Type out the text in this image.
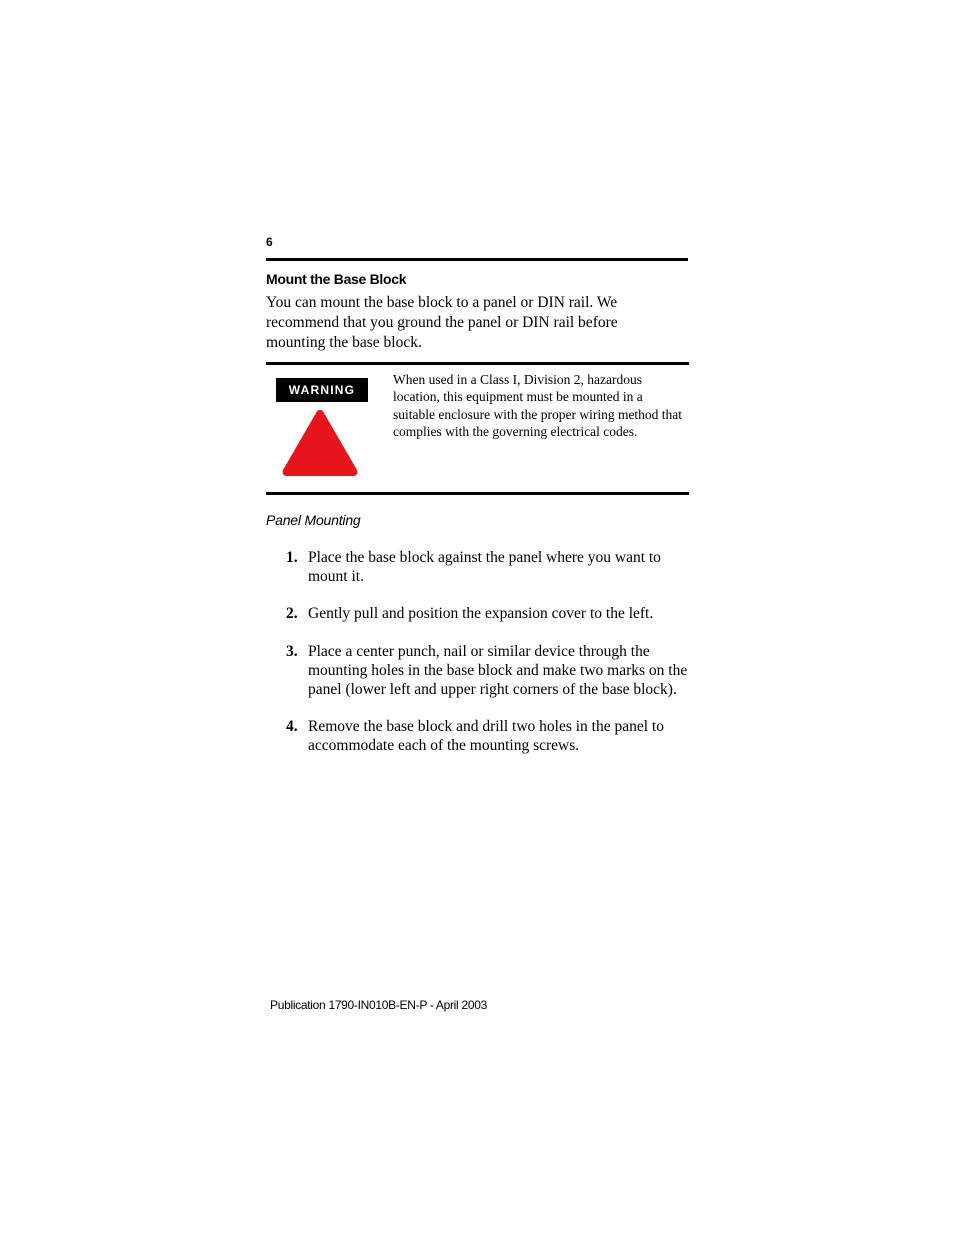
6
Mount the Base Block

You can mount the base block to a panel or DIN rail. We recommend that you ground the panel or DIN rail before mounting the base block.

WARNING

When used in a Class I, Division 2, hazardous location, this equipment must be mounted in a suitable enclosure with the proper wiring method that complies with the governing electrical codes.

Panel Mounting
1. Place the base block against the panel where you want to mount it.
2. Gently pull and position the expansion cover to the left.
3. Place a center punch, nail or similar device through the mounting holes in the base block and make two marks on the panel (lower left and upper right corners of the base block).
4. Remove the base block and drill two holes in the panel to accommodate each of the mounting screws.
Publication 1790-IN010B-EN-P - April 2003
